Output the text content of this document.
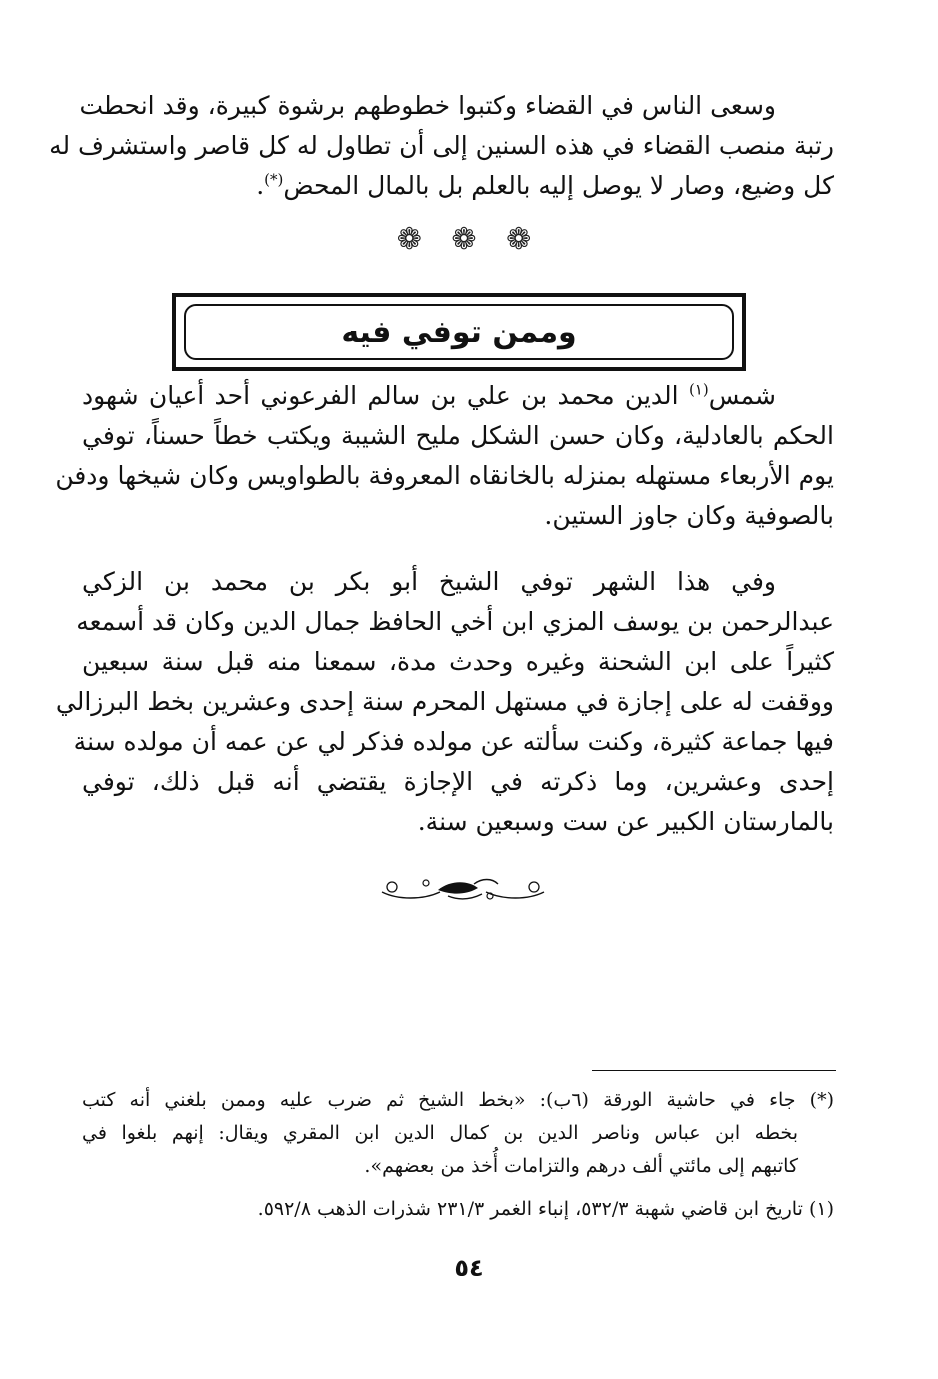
وسعى الناس في القضاء وكتبوا خطوطهم برشوة كبيرة، وقد انحطت
رتبة منصب القضاء في هذه السنين إلى أن تطاول له كل قاصر واستشرف له
كل وضيع، وصار لا يوصل إليه بالعلم بل بالمال المحض(*).
❁ ❁ ❁
وممن توفي فيه
شمس$^{(١)}$ الدين محمد بن علي بن سالم الفرعوني أحد أعيان شهود
الحكم بالعادلية، وكان حسن الشكل مليح الشيبة ويكتب خطاً حسناً، توفي
يوم الأربعاء مستهله بمنزله بالخانقاه المعروفة بالطواويس وكان شيخها ودفن
بالصوفية وكان جاوز الستين.
وفي هذا الشهر توفي الشيخ أبو بكر بن محمد بن الزكي
عبدالرحمن بن يوسف المزي ابن أخي الحافظ جمال الدين وكان قد أسمعه
كثيراً على ابن الشحنة وغيره وحدث مدة، سمعنا منه قبل سنة سبعين
ووقفت له على إجازة في مستهل المحرم سنة إحدى وعشرين بخط البرزالي
فيها جماعة كثيرة، وكنت سألته عن مولده فذكر لي عن عمه أن مولده سنة
إحدى وعشرين، وما ذكرته في الإجازة يقتضي أنه قبل ذلك، توفي
بالمارستان الكبير عن ست وسبعين سنة.
(*) جاء في حاشية الورقة (٦ب): «بخط الشيخ ثم ضرب عليه وممن بلغني أنه كتب
بخطه ابن عباس وناصر الدين بن كمال الدين ابن المقري ويقال: إنهم بلغوا في
كاتبهم إلى مائتي ألف درهم والتزامات أُخذ من بعضهم».
(١) تاريخ ابن قاضي شهبة ٥٣٢/٣، إنباء الغمر ٢٣١/٣ شذرات الذهب ٥٩٢/٨.
٥٤
